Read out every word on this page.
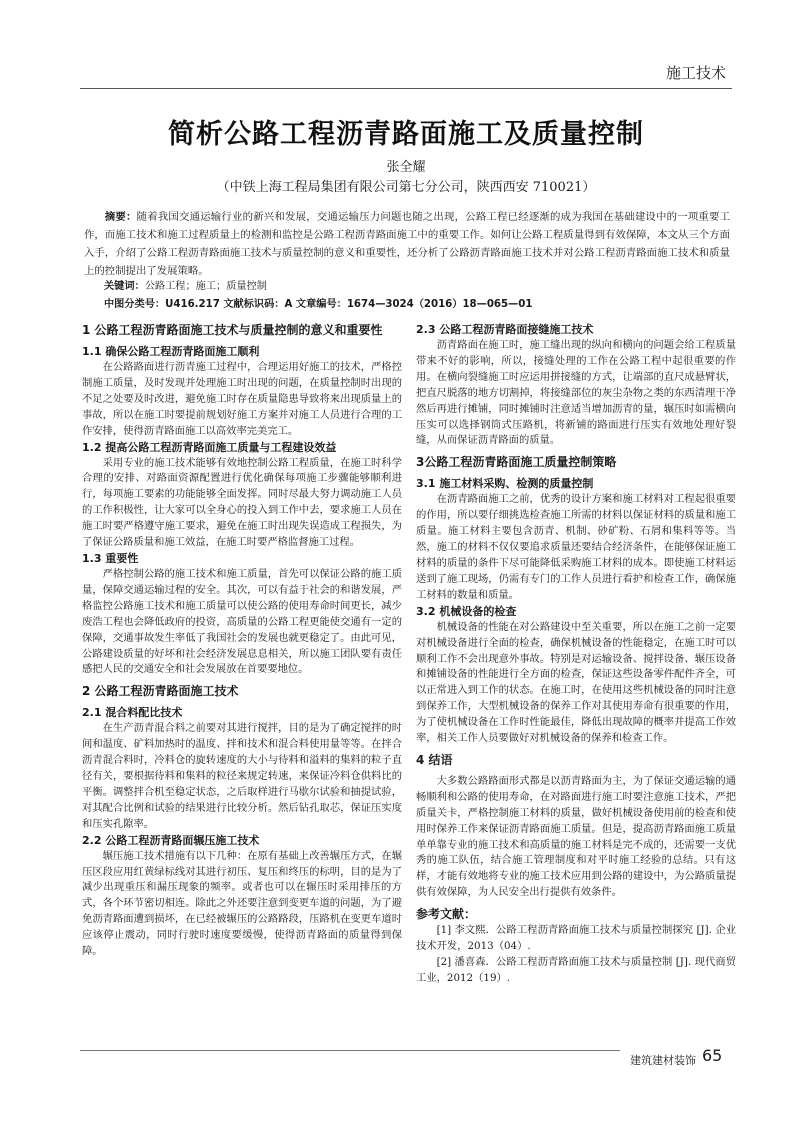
施工技术
简析公路工程沥青路面施工及质量控制
张全耀
（中铁上海工程局集团有限公司第七分公司，陕西西安 710021）

摘要：随着我国交通运输行业的新兴和发展，交通运输压力问题也随之出现，公路工程已经逐渐的成为我国在基础建设中的一项重要工作，而施工技术和施工过程质量上的检测和监控是公路工程沥青路面施工中的重要工作。如何让公路工程质量得到有效保障，本文从三个方面入手，介绍了公路工程沥青路面施工技术与质量控制的意义和重要性，还分析了公路沥青路面施工技术并对公路工程沥青路面施工技术和质量上的控制提出了发展策略。

关键词：公路工程；施工；质量控制
中图分类号：U416.217 文献标识码：A 文章编号：1674—3024（2016）18—065—01
1 公路工程沥青路面施工技术与质量控制的意义和重要性
1.1 确保公路工程沥青路面施工顺利

在公路路面进行沥青施工过程中，合理运用好施工的技术，严格控制施工质量，及时发现并处理施工时出现的问题，在质量控制时出现的不足之处要及时改进，避免施工时存在质量隐患导致将来出现质量上的事故，所以在施工时要提前规划好施工方案并对施工人员进行合理的工作安排，使得沥青路面施工以高效率完美完工。

1.2 提高公路工程沥青路面施工质量与工程建设效益

采用专业的施工技术能够有效地控制公路工程质量，在施工时科学合理的安排、对路面资源配置进行优化确保每项施工步骤能够顺利进行，每项施工要素的功能能够全面发挥。同时尽最大努力调动施工人员的工作积极性，让大家可以全身心的投入到工作中去，要求施工人员在施工时要严格遵守施工要求，避免在施工时出现失误造成工程损失，为了保证公路质量和施工效益，在施工时要严格监督施工过程。

1.3 重要性

严格控制公路的施工技术和施工质量，首先可以保证公路的施工质量，保障交通运输过程的安全。其次，可以有益于社会的和谐发展，严格监控公路施工技术和施工质量可以使公路的使用寿命时间更长，减少废浩工程也会降低政府的投资，高质量的公路工程更能使交通有一定的保障，交通事故发生率低了我国社会的发展也就更稳定了。由此可见，公路建设质量的好坏和社会经济发展息息相关，所以施工团队要有责任感把人民的交通安全和社会发展放在首要要地位。

2 公路工程沥青路面施工技术
2.1 混合料配比技术

在生产沥青混合料之前要对其进行搅拌，目的是为了确定搅拌的时间和温度、矿料加热时的温度、拌和技术和混合料使用量等等。在拌合沥青混合料时，冷料仓的旋转速度的大小与待料和溢料的集料的粒子直径有关，要根据待料和集料的粒径来规定转速，来保证冷料仓供料比的平衡。调整拌合机至稳定状态，之后取样进行马歇尔试验和抽提试验，对其配合比例和试验的结果进行比较分析。然后钻孔取芯，保证压实度和压实孔隙率。

2.2 公路工程沥青路面辗压施工技术

辗压施工技术措施有以下几种：在原有基础上改善辗压方式，在辗压区段应用红黄绿标线对其进行初压、复压和终压的标明，目的是为了减少出现重压和漏压现象的频率。或者也可以在辗压时采用排压的方式，各个环节密切相连。除此之外还要注意到变更车道的问题，为了避免沥青路面遭到损坏，在已经被辗压的公路路段，压路机在变更车道时应该停止震动，同时行驶时速度要缓慢，使得沥青路面的质量得到保障。

2.3 公路工程沥青路面接缝施工技术

沥青路面在施工时，施工缝出现的纵向和横向的问题会给工程质量带来不好的影响，所以，接缝处理的工作在公路工程中起很重要的作用。在横向裂缝施工时应运用拼接缝的方式，让端部的直尺成悬臂状，把直尺脱落的地方切割掉，将接缝部位的灰尘杂物之类的东西清理干净然后再进行摊铺，同时摊铺时注意适当增加沥青的量，辗压时如需横向压实可以选择钢筒式压路机，将新铺的路面进行压实有效地处理好裂缝，从而保证沥青路面的质量。

3公路工程沥青路面施工质量控制策略
3.1 施工材料采购、检测的质量控制

在沥青路面施工之前，优秀的设计方案和施工材料对工程起很重要的作用，所以要仔细挑选检查施工所需的材料以保证材料的质量和施工质量。施工材料主要包含沥青、机制、砂矿粉、石屑和集料等等。当然，施工的材料不仅仅要追求质量还要结合经济条件，在能够保证施工材料的质量的条件下尽可能降低采购施工材料的成本。即使施工材料运送到了施工现场，仍需有专门的工作人员进行看护和检查工作，确保施工材料的数量和质量。

3.2 机械设备的检查

机械设备的性能在对公路建设中至关重要，所以在施工之前一定要对机械设备进行全面的检查，确保机械设备的性能稳定，在施工时可以顺利工作不会出现意外事故。特别是对运输设备、搅拌设备、辗压设备和摊铺设备的性能进行全方面的检查，保证这些设备零件配件齐全，可以正常进入到工作的状态。在施工时，在使用这些机械设备的同时注意到保养工作，大型机械设备的保养工作对其使用寿命有很重要的作用，为了使机械设备在工作时性能最佳，降低出现故障的概率并提高工作效率，相关工作人员要做好对机械设备的保养和检查工作。

4 结语

大多数公路路面形式都是以沥青路面为主，为了保证交通运输的通畅顺利和公路的使用寿命，在对路面进行施工时要注意施工技术，严把质量关卡，严格控制施工材料的质量，做好机械设备使用前的检查和使用时保养工作来保证沥青路面施工质量。但是，提高沥青路面施工质量单单靠专业的施工技术和高质量的施工材料是完不成的，还需要一支优秀的施工队伍，结合施工管理制度和对平时施工经验的总结。只有这样，才能有效地将专业的施工技术应用到公路的建设中，为公路质量提供有效保障，为人民安全出行提供有效条件。

参考文献：

[1] 李文熙．公路工程沥青路面施工技术与质量控制探究 [J]. 企业技术开发，2013（04）.

[2] 潘喜森．公路工程沥青路面施工技术与质量控制 [J]. 现代商贸工业，2012（19）.

建筑建材装饰 65
